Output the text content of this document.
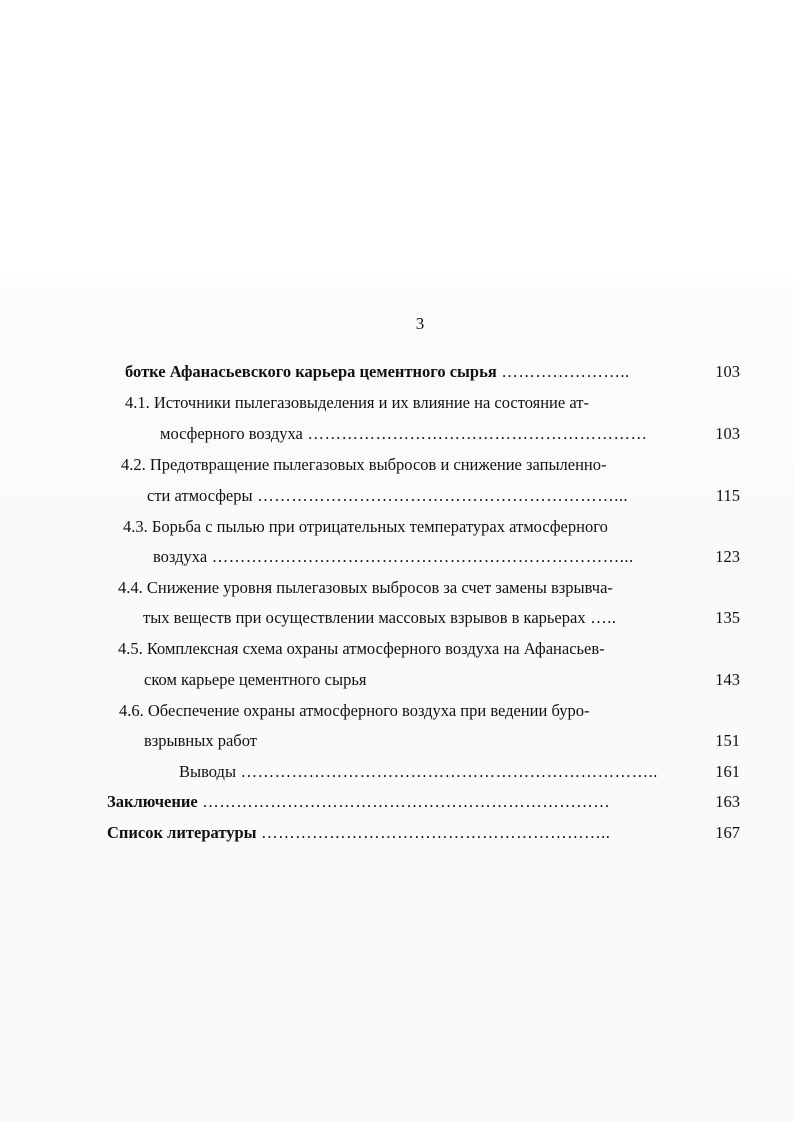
3
ботке Афанасьевского карьера цементного сырья …………………..	103
4.1. Источники пылегазовыделения и их влияние на состояние ат-
мосферного воздуха ……………………………………………………	103
4.2. Предотвращение пылегазовых выбросов и снижение запыленно-
сти атмосферы ………………………………………………………...	115
4.3. Борьба с пылью при отрицательных температурах атмосферного
воздуха ………………………………………………………………...	123
4.4. Снижение уровня пылегазовых выбросов за счет замены взрывча-
тых веществ при осуществлении массовых взрывов в карьерах …..	135
4.5. Комплексная схема охраны атмосферного воздуха на Афанасьев-
ском карьере цементного сырья	143
4.6. Обеспечение охраны атмосферного воздуха при ведении буро-
взрывных работ	151
Выводы ………………………………………………………………..	161
Заключение ………………………………………………………………	163
Список литературы ……………………………………………………..	167
